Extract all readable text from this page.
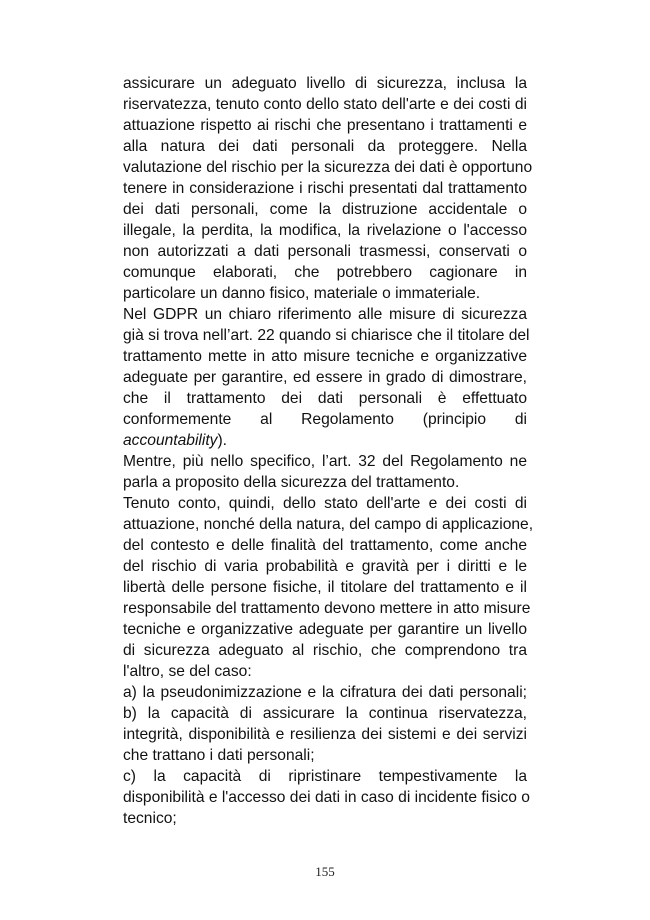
assicurare un adeguato livello di sicurezza, inclusa la
riservatezza, tenuto conto dello stato dell'arte e dei costi di
attuazione rispetto ai rischi che presentano i trattamenti e
alla natura dei dati personali da proteggere. Nella
valutazione del rischio per la sicurezza dei dati è opportuno
tenere in considerazione i rischi presentati dal trattamento
dei dati personali, come la distruzione accidentale o
illegale, la perdita, la modifica, la rivelazione o l'accesso
non autorizzati a dati personali trasmessi, conservati o
comunque elaborati, che potrebbero cagionare in
particolare un danno fisico, materiale o immateriale.
Nel GDPR un chiaro riferimento alle misure di sicurezza
già si trova nell’art. 22 quando si chiarisce che il titolare del
trattamento mette in atto misure tecniche e organizzative
adeguate per garantire, ed essere in grado di dimostrare,
che il trattamento dei dati personali è effettuato
conformemente al Regolamento (principio di
accountability).
Mentre, più nello specifico, l’art. 32 del Regolamento ne
parla a proposito della sicurezza del trattamento.
Tenuto conto, quindi, dello stato dell'arte e dei costi di
attuazione, nonché della natura, del campo di applicazione,
del contesto e delle finalità del trattamento, come anche
del rischio di varia probabilità e gravità per i diritti e le
libertà delle persone fisiche, il titolare del trattamento e il
responsabile del trattamento devono mettere in atto misure
tecniche e organizzative adeguate per garantire un livello
di sicurezza adeguato al rischio, che comprendono tra
l'altro, se del caso:
a) la pseudonimizzazione e la cifratura dei dati personali;
b) la capacità di assicurare la continua riservatezza,
integrità, disponibilità e resilienza dei sistemi e dei servizi
che trattano i dati personali;
c) la capacità di ripristinare tempestivamente la
disponibilità e l'accesso dei dati in caso di incidente fisico o
tecnico;
155
